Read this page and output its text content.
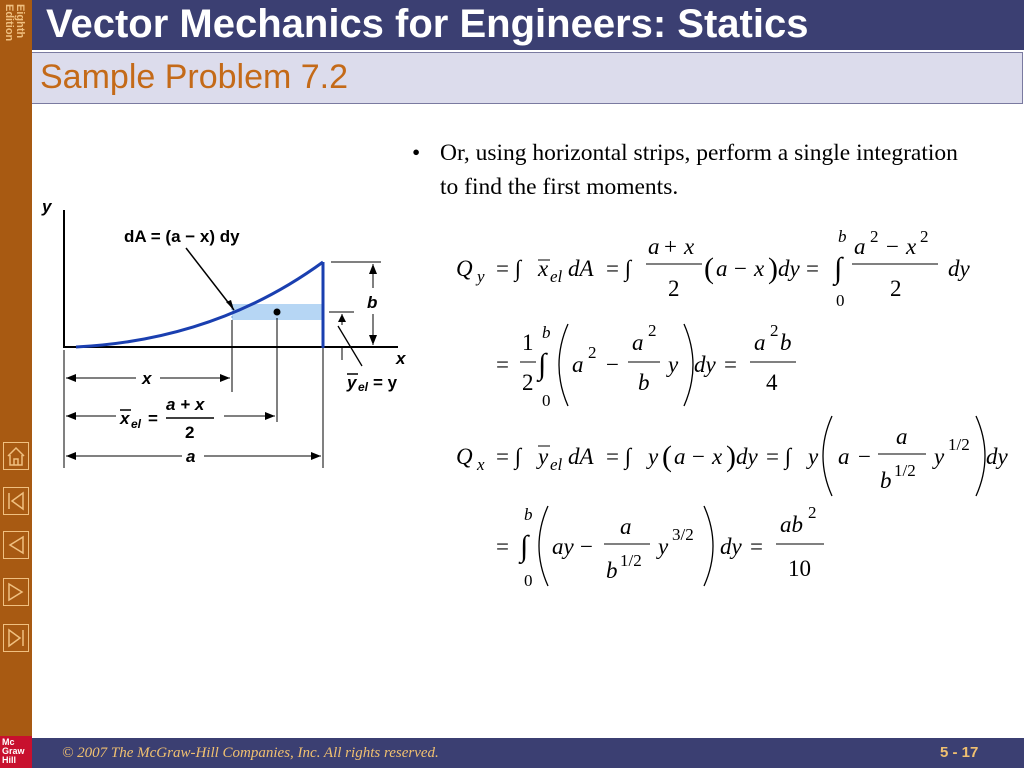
Eighth
Edition Vector Mechanics for Engineers: Statics
Sample Problem 7.2
Mc
Graw
Hill
• Or, using horizontal strips, perform a single integration to find the first moments.
y
x
dA = (a − x) dy
b
y el = y
x
x el =
a + x
2
a
Q y = ∫ x el dA = ∫
a + x
2
( a − x ) dy = ∫
b
0
a 2 − x 2
2
dy
=
1
2
∫
b
0
a 2 −
a 2
b
y dy =
a 2 b
4
Q x = ∫ y el dA = ∫ y ( a − x ) dy = ∫ y a −
a
b 1/2
y 1/2 dy
= ∫
b
0
ay −
a
b 1/2
y 3/2 dy =
ab 2
10
© 2007 The McGraw-Hill Companies, Inc. All rights reserved.	5 - 17
